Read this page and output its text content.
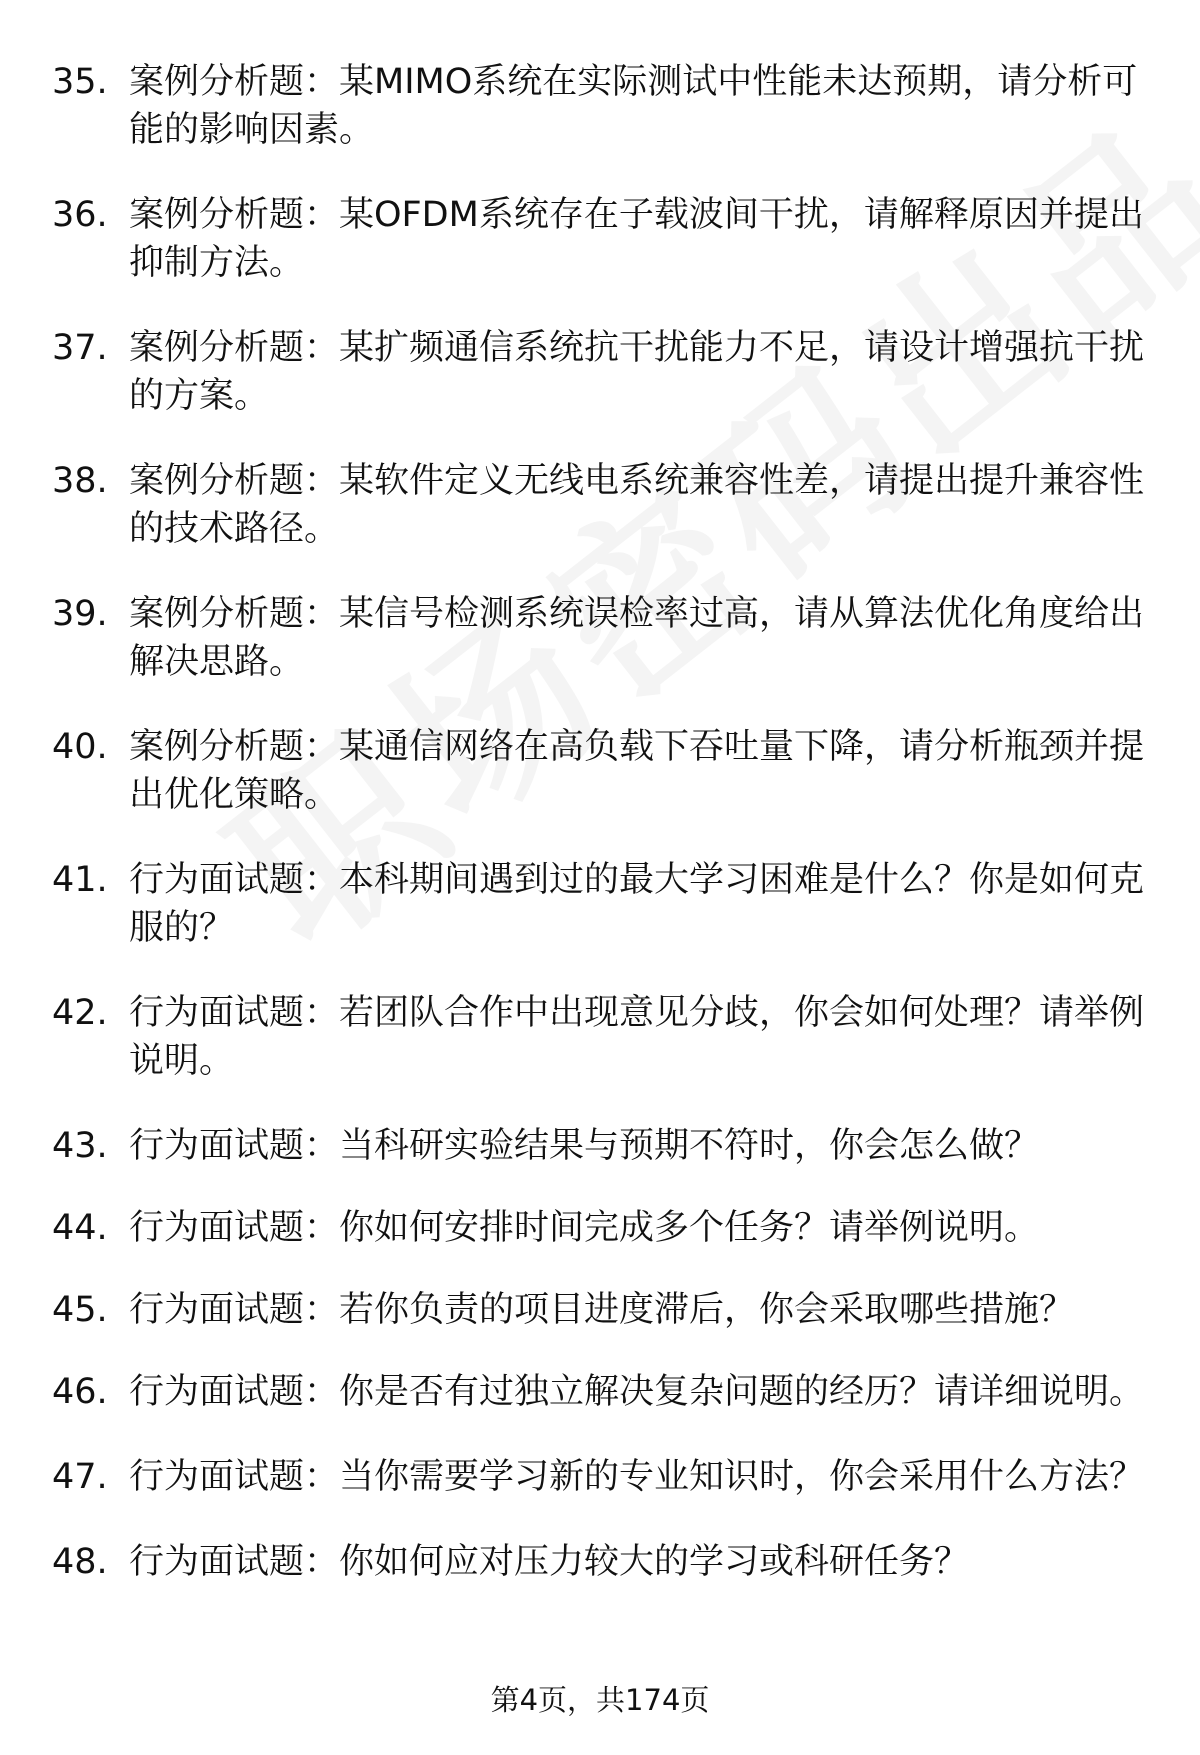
35. 案例分析题：某MIMO系统在实际测试中性能未达预期，请分析可能的影响因素。
36. 案例分析题：某OFDM系统存在子载波间干扰，请解释原因并提出抑制方法。
37. 案例分析题：某扩频通信系统抗干扰能力不足，请设计增强抗干扰的方案。
38. 案例分析题：某软件定义无线电系统兼容性差，请提出提升兼容性的技术路径。
39. 案例分析题：某信号检测系统误检率过高，请从算法优化角度给出解决思路。
40. 案例分析题：某通信网络在高负载下吞吐量下降，请分析瓶颈并提出优化策略。
41. 行为面试题：本科期间遇到过的最大学习困难是什么？你是如何克服的？
42. 行为面试题：若团队合作中出现意见分歧，你会如何处理？请举例说明。
43. 行为面试题：当科研实验结果与预期不符时，你会怎么做？
44. 行为面试题：你如何安排时间完成多个任务？请举例说明。
45. 行为面试题：若你负责的项目进度滞后，你会采取哪些措施？
46. 行为面试题：你是否有过独立解决复杂问题的经历？请详细说明。
47. 行为面试题：当你需要学习新的专业知识时，你会采用什么方法？
48. 行为面试题：你如何应对压力较大的学习或科研任务？
第4页，共174页
